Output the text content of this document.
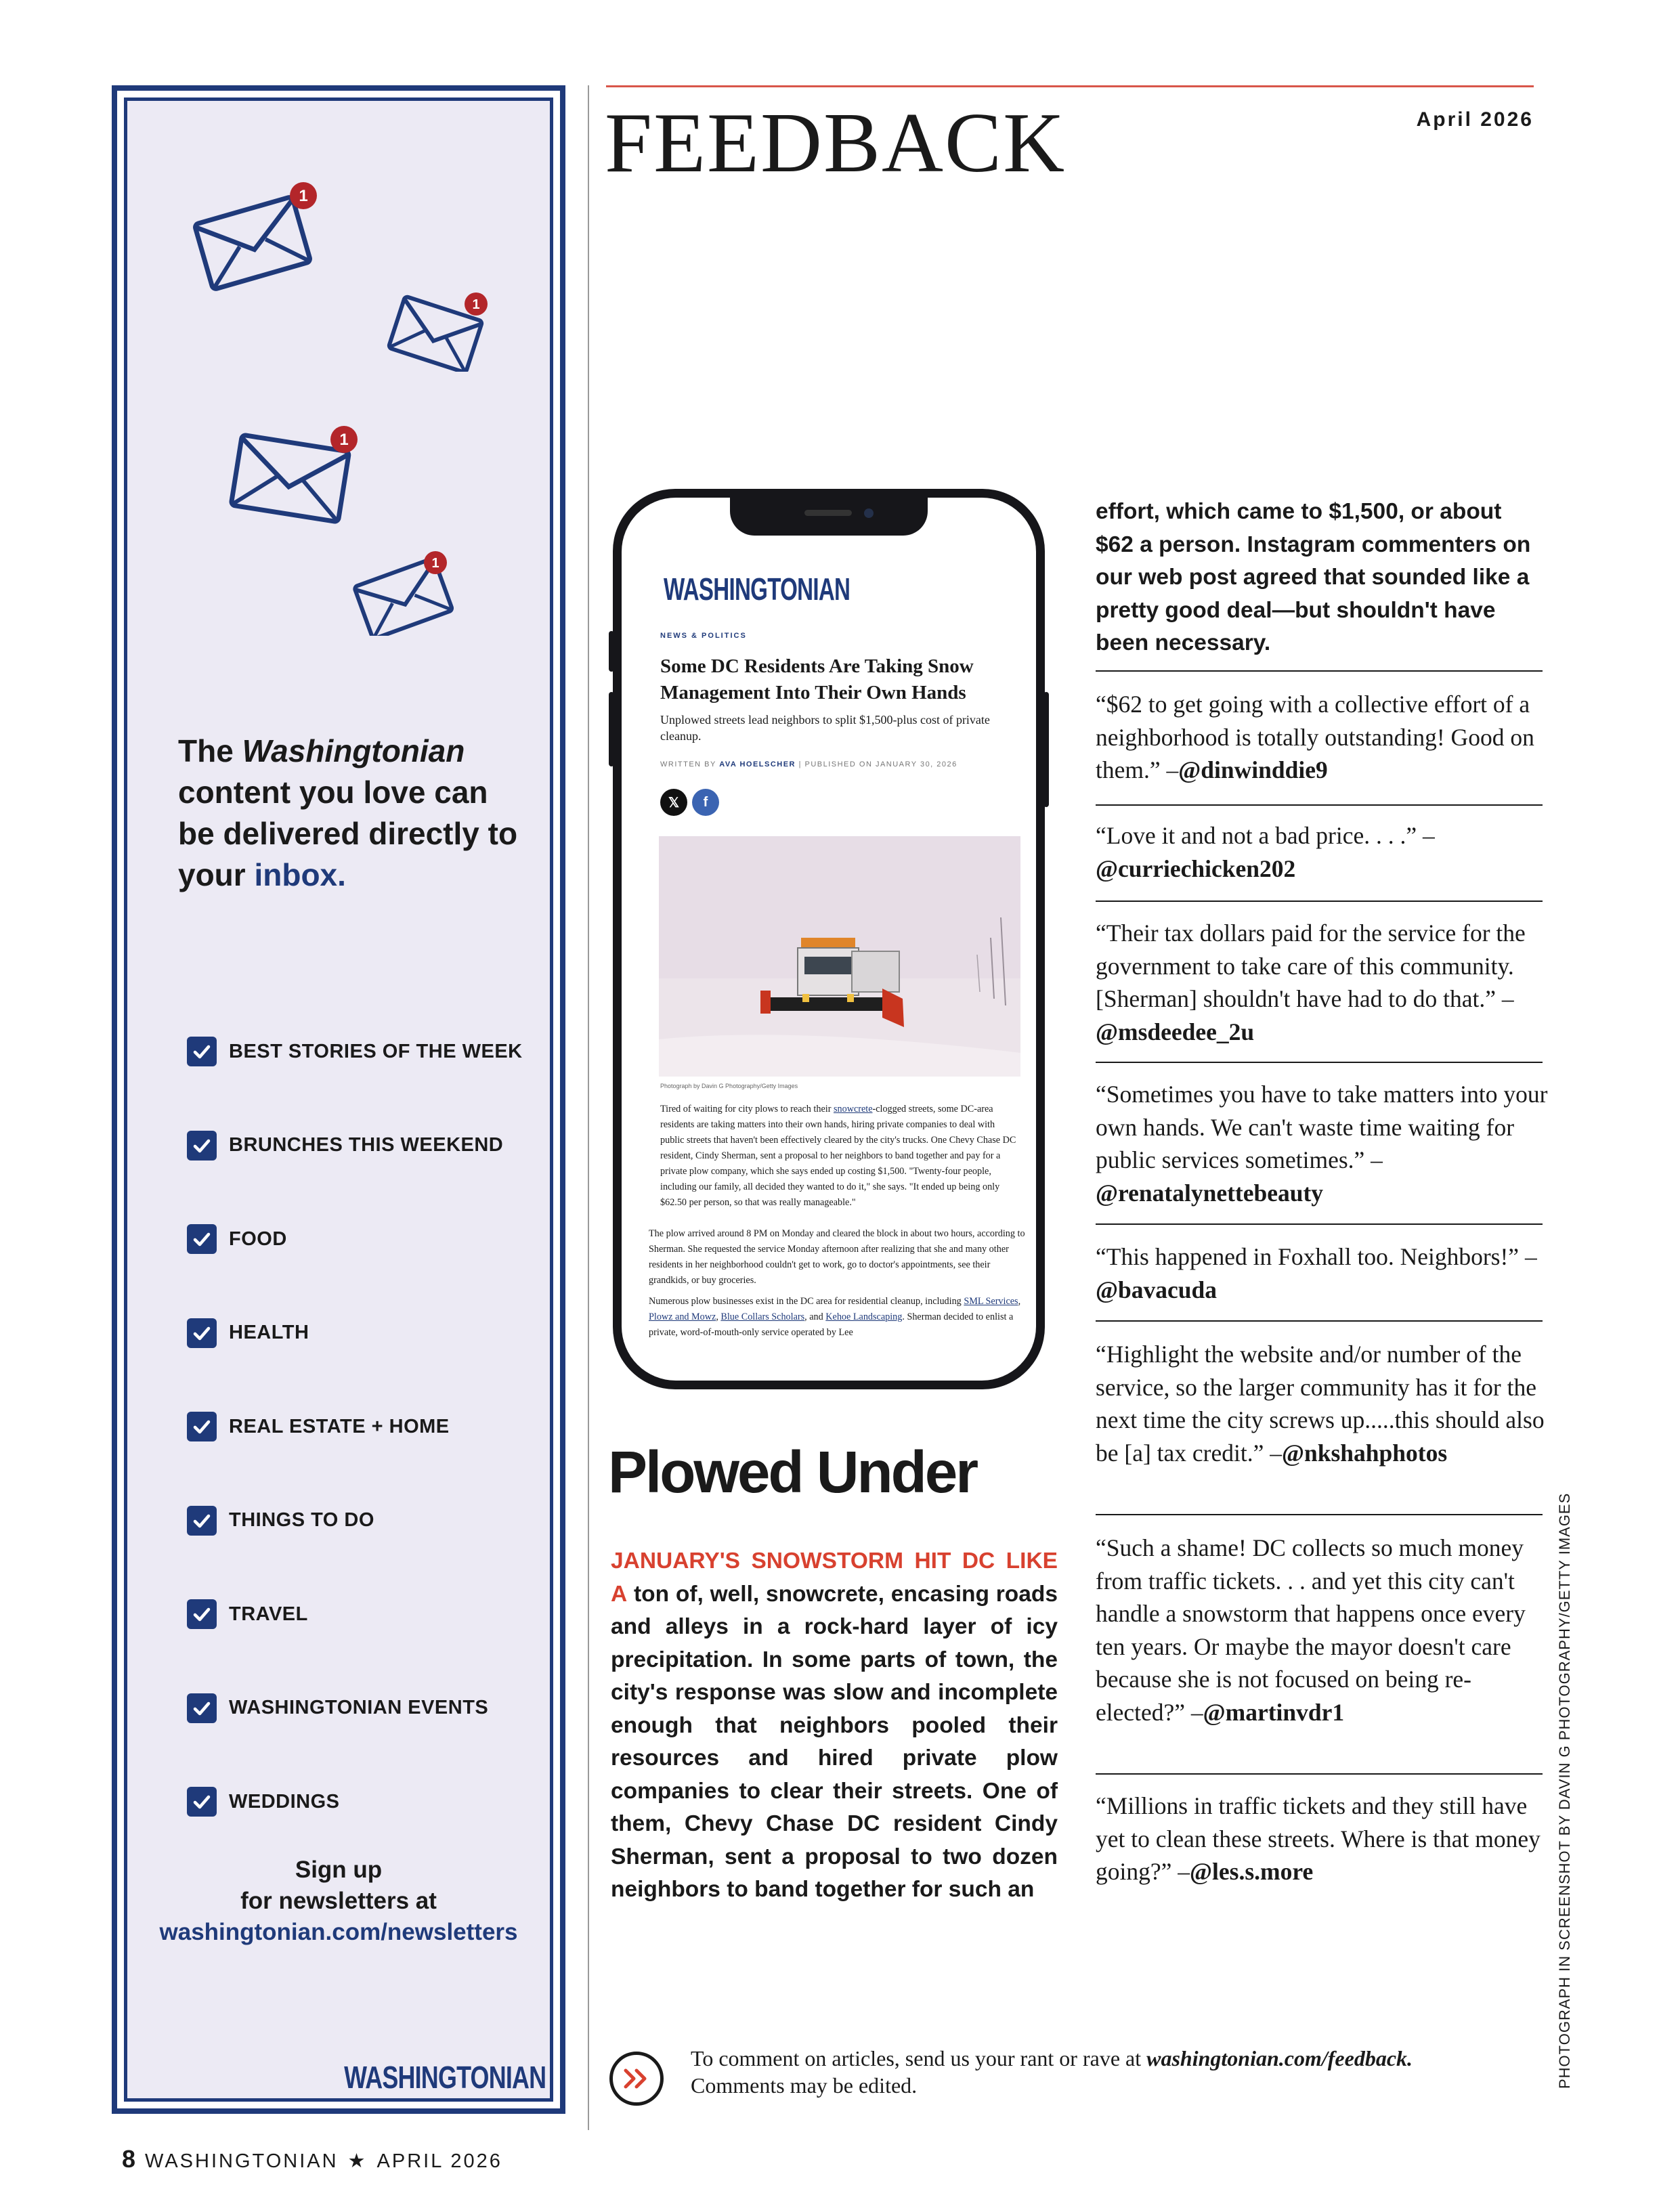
1
1
1
1
The Washingtonian content you love can be delivered directly to your inbox.
BEST STORIES OF THE WEEK
BRUNCHES THIS WEEKEND
FOOD
HEALTH
REAL ESTATE + HOME
THINGS TO DO
TRAVEL
WASHINGTONIAN EVENTS
WEDDINGS
Sign up
for newsletters at
washingtonian.com/newsletters
WASHINGTONIAN
FEEDBACK	April 2026
WASHINGTONIAN
NEWS & POLITICS
Some DC Residents Are Taking Snow Management Into Their Own Hands
Unplowed streets lead neighbors to split $1,500-plus cost of private cleanup.
WRITTEN BY AVA HOELSCHER | PUBLISHED ON JANUARY 30, 2026
𝕏	f
Photograph by Davin G Photography/Getty Images
Tired of waiting for city plows to reach their snowcrete-clogged streets, some DC-area residents are taking matters into their own hands, hiring private companies to deal with public streets that haven't been effectively cleared by the city's trucks. One Chevy Chase DC resident, Cindy Sherman, sent a proposal to her neighbors to band together and pay for a private plow company, which she says ended up costing $1,500. "Twenty-four people, including our family, all decided they wanted to do it," she says. "It ended up being only $62.50 per person, so that was really manageable."
The plow arrived around 8 PM on Monday and cleared the block in about two hours, according to Sherman. She requested the service Monday afternoon after realizing that she and many other residents in her neighborhood couldn't get to work, go to doctor's appointments, see their grandkids, or buy groceries.
Numerous plow businesses exist in the DC area for residential cleanup, including SML Services, Plowz and Mowz, Blue Collars Scholars, and Kehoe Landscaping. Sherman decided to enlist a private, word-of-mouth-only service operated by Lee
Plowed Under
JANUARY'S SNOWSTORM HIT DC LIKE A ton of, well, snowcrete, encasing roads and alleys in a rock-hard layer of icy precipitation. In some parts of town, the city's response was slow and incomplete enough that neighbors pooled their resources and hired private plow companies to clear their streets. One of them, Chevy Chase DC resident Cindy Sherman, sent a proposal to two dozen neighbors to band together for such an
effort, which came to $1,500, or about $62 a person. Instagram commenters on our web post agreed that sounded like a pretty good deal—but shouldn't have been necessary.
“$62 to get going with a collective effort of a neighborhood is totally outstanding! Good on them.” –@dinwinddie9
“Love it and not a bad price. . . .” –@curriechicken202
“Their tax dollars paid for the service for the government to take care of this community. [Sherman] shouldn't have had to do that.” –@msdeedee_2u
“Sometimes you have to take matters into your own hands. We can't waste time waiting for public services sometimes.” –@renatalynettebeauty
“This happened in Foxhall too. Neighbors!” –@bavacuda
“Highlight the website and/or number of the service, so the larger community has it for the next time the city screws up.....this should also be [a] tax credit.” –@nkshahphotos
“Such a shame! DC collects so much money from traffic tickets. . . and yet this city can't handle a snowstorm that happens once every ten years. Or maybe the mayor doesn't care because she is not focused on being re-elected?” –@martinvdr1
“Millions in traffic tickets and they still have yet to clean these streets. Where is that money going?” –@les.s.more
To comment on articles, send us your rant or rave at washingtonian.com/feedback.
Comments may be edited.	PHOTOGRAPH IN SCREENSHOT BY DAVIN G PHOTOGRAPHY/GETTY IMAGES
8 WASHINGTONIAN ★ APRIL 2026
